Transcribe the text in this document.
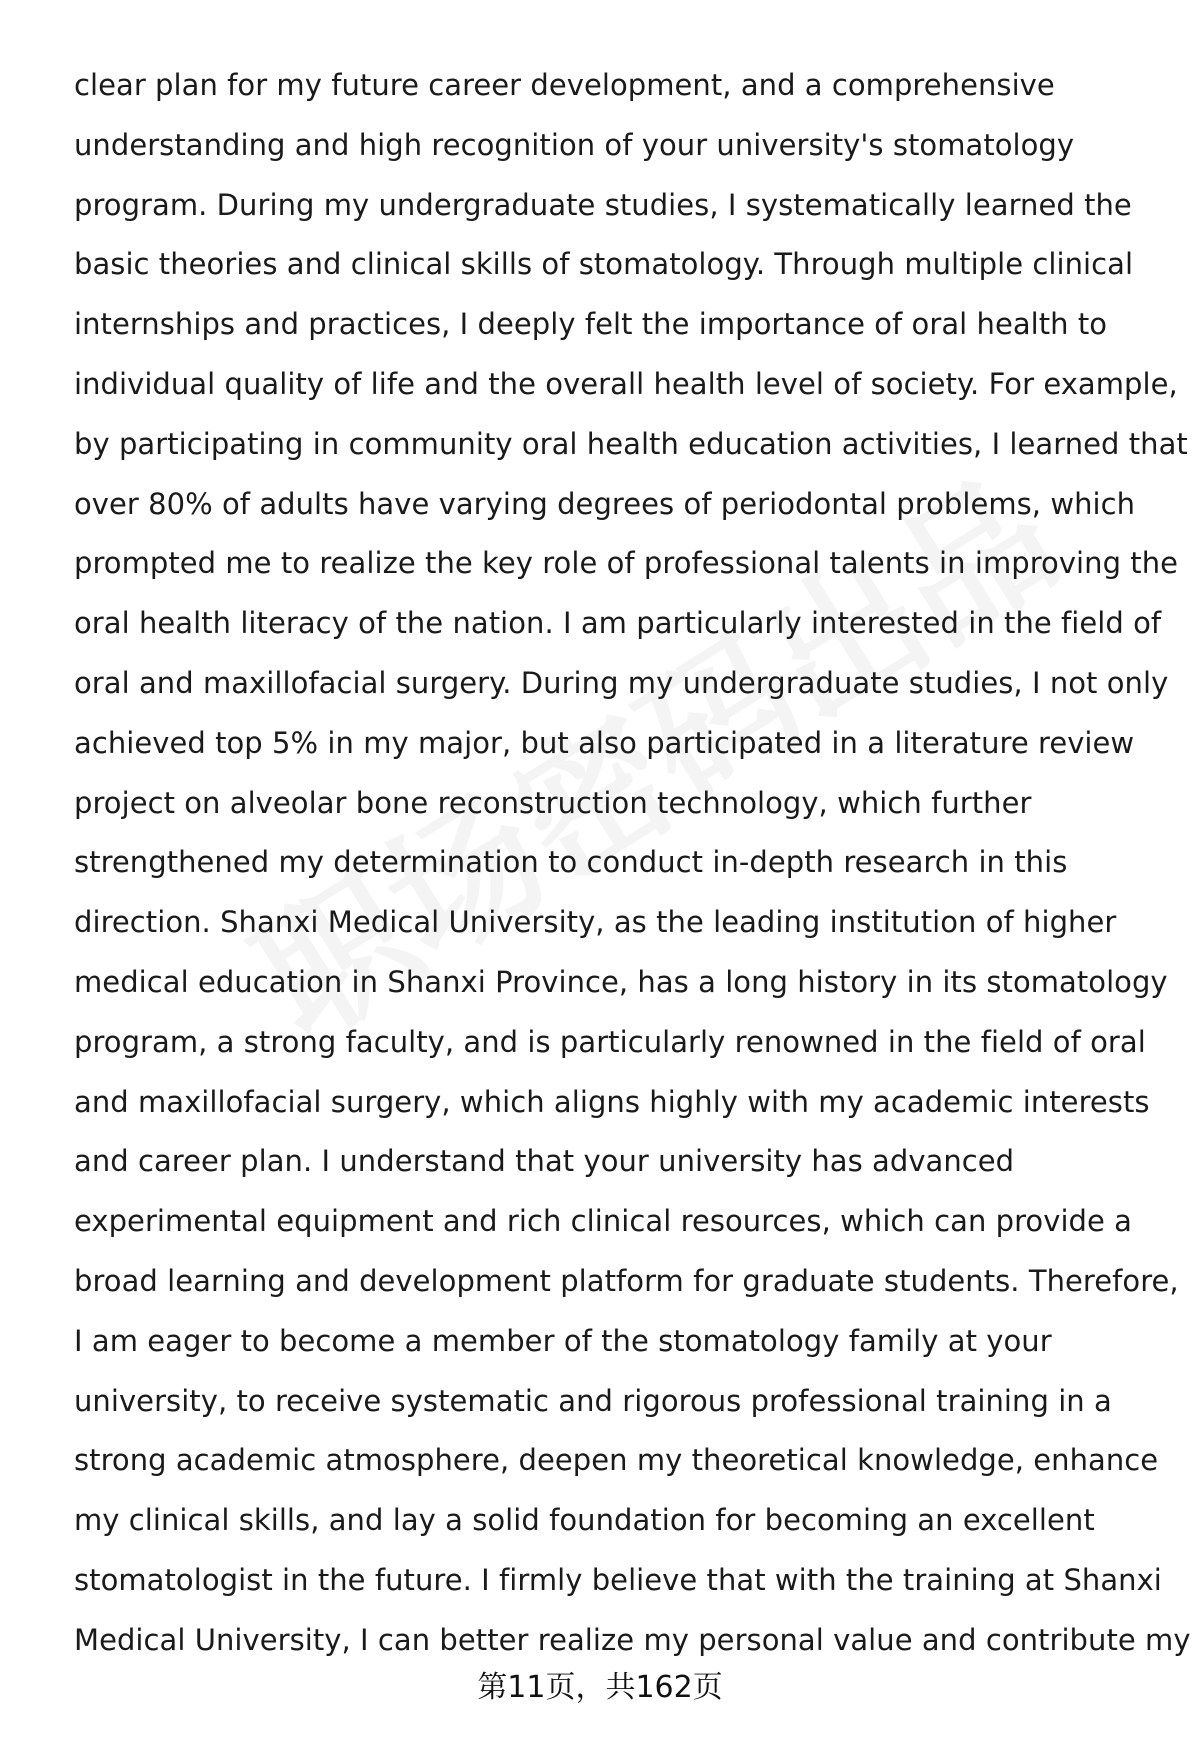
clear plan for my future career development, and a comprehensive
understanding and high recognition of your university's stomatology
program. During my undergraduate studies, I systematically learned the
basic theories and clinical skills of stomatology. Through multiple clinical
internships and practices, I deeply felt the importance of oral health to
individual quality of life and the overall health level of society. For example,
by participating in community oral health education activities, I learned that
over 80% of adults have varying degrees of periodontal problems, which
prompted me to realize the key role of professional talents in improving the
oral health literacy of the nation. I am particularly interested in the field of
oral and maxillofacial surgery. During my undergraduate studies, I not only
achieved top 5% in my major, but also participated in a literature review
project on alveolar bone reconstruction technology, which further
strengthened my determination to conduct in-depth research in this
direction. Shanxi Medical University, as the leading institution of higher
medical education in Shanxi Province, has a long history in its stomatology
program, a strong faculty, and is particularly renowned in the field of oral
and maxillofacial surgery, which aligns highly with my academic interests
and career plan. I understand that your university has advanced
experimental equipment and rich clinical resources, which can provide a
broad learning and development platform for graduate students. Therefore,
I am eager to become a member of the stomatology family at your
university, to receive systematic and rigorous professional training in a
strong academic atmosphere, deepen my theoretical knowledge, enhance
my clinical skills, and lay a solid foundation for becoming an excellent
stomatologist in the future. I firmly believe that with the training at Shanxi
Medical University, I can better realize my personal value and contribute my
第11页，共162页
